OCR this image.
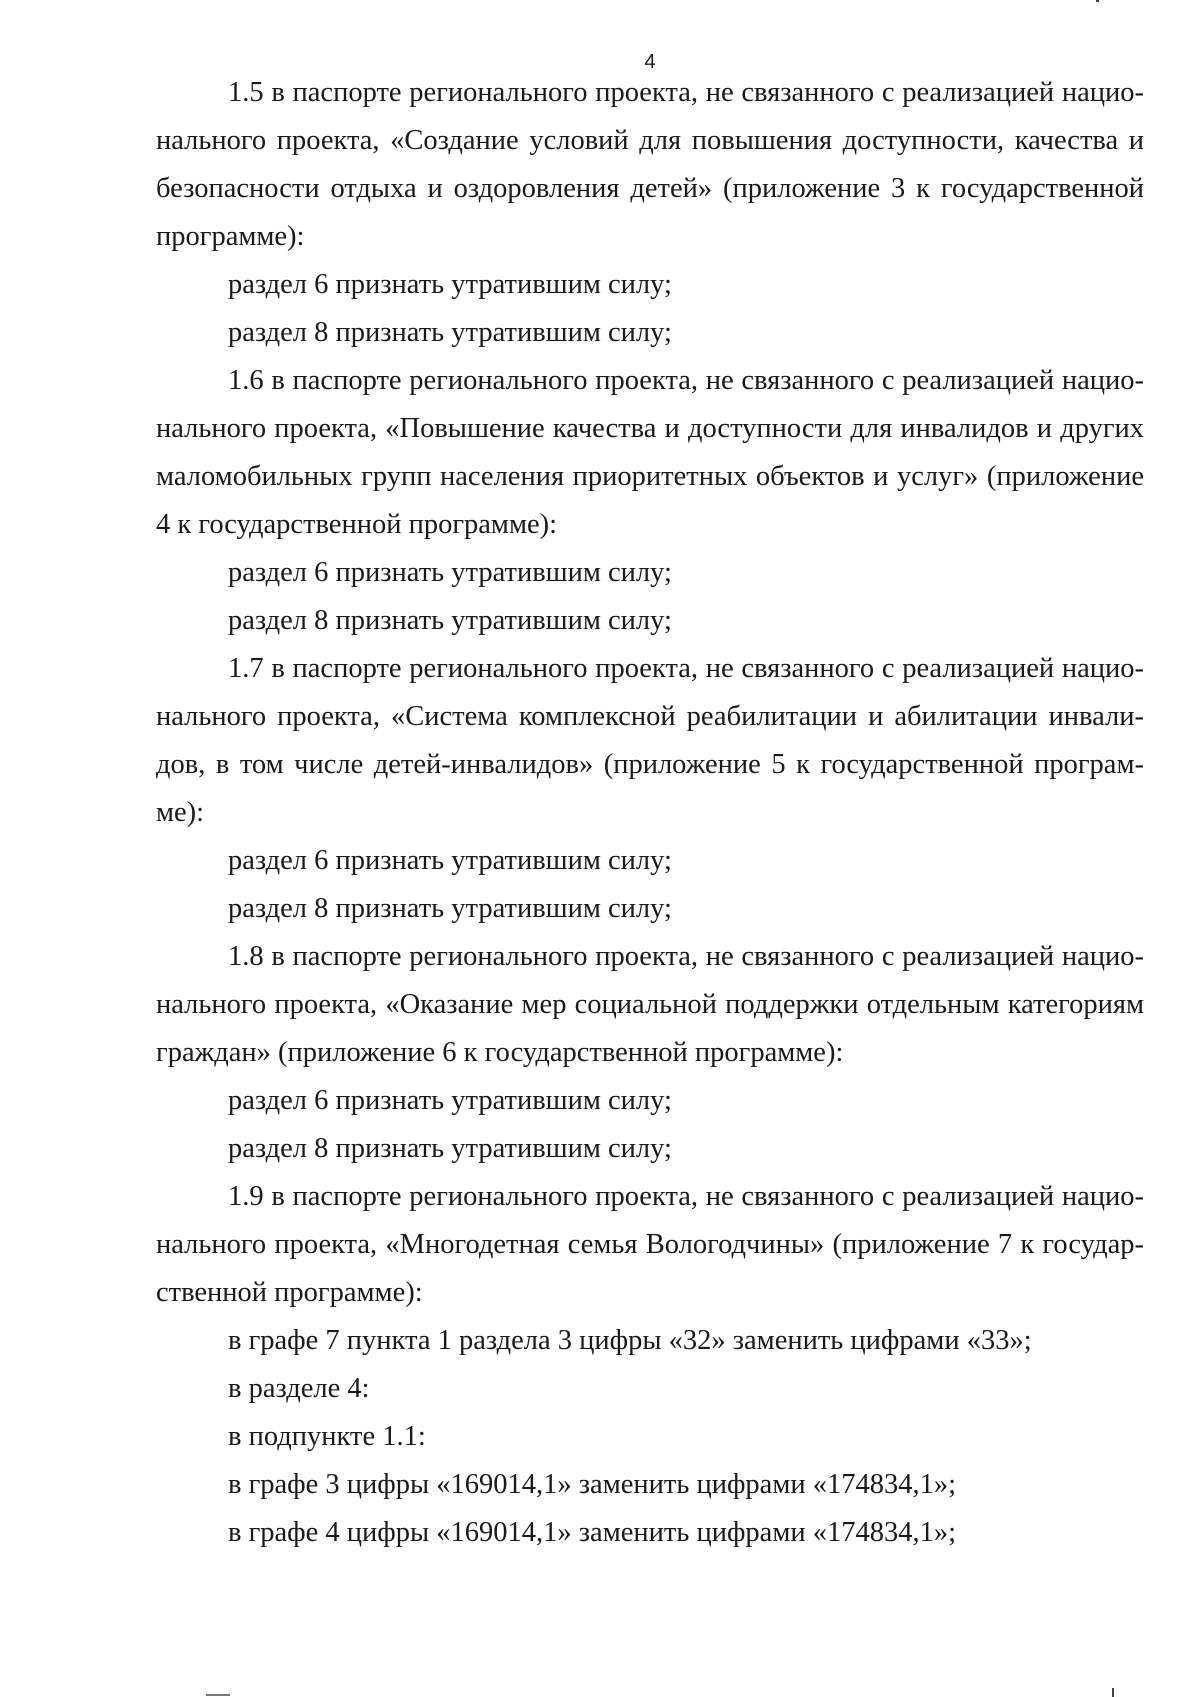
4
1.5 в паспорте регионального проекта, не связанного с реализацией нацио-
нального проекта, «Создание условий для повышения доступности, качества и
безопасности отдыха и оздоровления детей» (приложение 3 к государственной
программе):
раздел 6 признать утратившим силу;
раздел 8 признать утратившим силу;
1.6 в паспорте регионального проекта, не связанного с реализацией нацио-
нального проекта, «Повышение качества и доступности для инвалидов и других
маломобильных групп населения приоритетных объектов и услуг» (приложение
4 к государственной программе):
раздел 6 признать утратившим силу;
раздел 8 признать утратившим силу;
1.7 в паспорте регионального проекта, не связанного с реализацией нацио-
нального проекта, «Система комплексной реабилитации и абилитации инвали-
дов, в том числе детей-инвалидов» (приложение 5 к государственной програм-
ме):
раздел 6 признать утратившим силу;
раздел 8 признать утратившим силу;
1.8 в паспорте регионального проекта, не связанного с реализацией нацио-
нального проекта, «Оказание мер социальной поддержки отдельным категориям
граждан» (приложение 6 к государственной программе):
раздел 6 признать утратившим силу;
раздел 8 признать утратившим силу;
1.9 в паспорте регионального проекта, не связанного с реализацией нацио-
нального проекта, «Многодетная семья Вологодчины» (приложение 7 к государ-
ственной программе):
в графе 7 пункта 1 раздела 3 цифры «32» заменить цифрами «33»;
в разделе 4:
в подпункте 1.1:
в графе 3 цифры «169014,1» заменить цифрами «174834,1»;
в графе 4 цифры «169014,1» заменить цифрами «174834,1»;
